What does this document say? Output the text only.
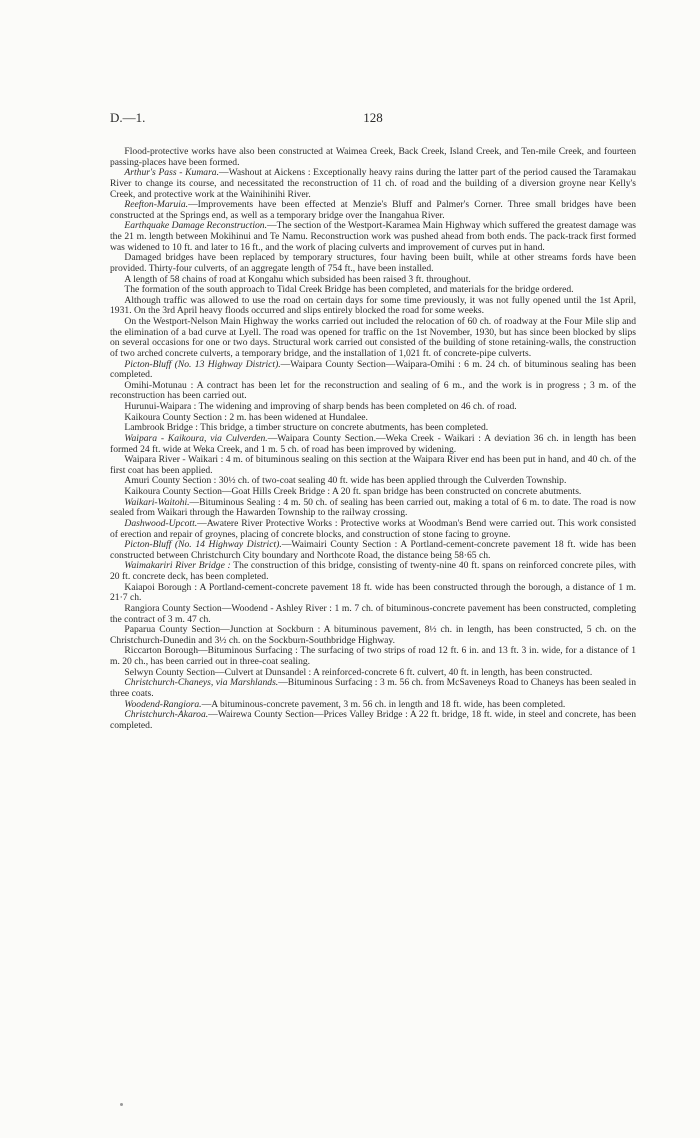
D.—1.	128

Flood-protective works have also been constructed at Waimea Creek, Back Creek, Island Creek, and Ten-mile Creek, and fourteen passing-places have been formed.

Arthur's Pass - Kumara.—Washout at Aickens : Exceptionally heavy rains during the latter part of the period caused the Taramakau River to change its course, and necessitated the reconstruction of 11 ch. of road and the building of a diversion groyne near Kelly's Creek, and protective work at the Wainihinihi River.

Reefton-Maruia.—Improvements have been effected at Menzie's Bluff and Palmer's Corner. Three small bridges have been constructed at the Springs end, as well as a temporary bridge over the Inangahua River.

Earthquake Damage Reconstruction.—The section of the Westport-Karamea Main Highway which suffered the greatest damage was the 21 m. length between Mokihinui and Te Namu. Reconstruction work was pushed ahead from both ends. The pack-track first formed was widened to 10 ft. and later to 16 ft., and the work of placing culverts and improvement of curves put in hand.

Damaged bridges have been replaced by temporary structures, four having been built, while at other streams fords have been provided. Thirty-four culverts, of an aggregate length of 754 ft., have been installed.

A length of 58 chains of road at Kongahu which subsided has been raised 3 ft. throughout.

The formation of the south approach to Tidal Creek Bridge has been completed, and materials for the bridge ordered.

Although traffic was allowed to use the road on certain days for some time previously, it was not fully opened until the 1st April, 1931. On the 3rd April heavy floods occurred and slips entirely blocked the road for some weeks.

On the Westport-Nelson Main Highway the works carried out included the relocation of 60 ch. of roadway at the Four Mile slip and the elimination of a bad curve at Lyell. The road was opened for traffic on the 1st November, 1930, but has since been blocked by slips on several occasions for one or two days. Structural work carried out consisted of the building of stone retaining-walls, the construction of two arched concrete culverts, a temporary bridge, and the installation of 1,021 ft. of concrete-pipe culverts.

Picton-Bluff (No. 13 Highway District).—Waipara County Section—Waipara-Omihi : 6 m. 24 ch. of bituminous sealing has been completed.

Omihi-Motunau : A contract has been let for the reconstruction and sealing of 6 m., and the work is in progress ; 3 m. of the reconstruction has been carried out.

Hurunui-Waipara : The widening and improving of sharp bends has been completed on 46 ch. of road.

Kaikoura County Section : 2 m. has been widened at Hundalee.

Lambrook Bridge : This bridge, a timber structure on concrete abutments, has been completed.

Waipara - Kaikoura, via Culverden.—Waipara County Section.—Weka Creek - Waikari : A deviation 36 ch. in length has been formed 24 ft. wide at Weka Creek, and 1 m. 5 ch. of road has been improved by widening.

Waipara River - Waikari : 4 m. of bituminous sealing on this section at the Waipara River end has been put in hand, and 40 ch. of the first coat has been applied.

Amuri County Section : 30½ ch. of two-coat sealing 40 ft. wide has been applied through the Culverden Township.

Kaikoura County Section—Goat Hills Creek Bridge : A 20 ft. span bridge has been constructed on concrete abutments.

Waikari-Waitohi.—Bituminous Sealing : 4 m. 50 ch. of sealing has been carried out, making a total of 6 m. to date. The road is now sealed from Waikari through the Hawarden Township to the railway crossing.

Dashwood-Upcott.—Awatere River Protective Works : Protective works at Woodman's Bend were carried out. This work consisted of erection and repair of groynes, placing of concrete blocks, and construction of stone facing to groyne.

Picton-Bluff (No. 14 Highway District).—Waimairi County Section : A Portland-cement-concrete pavement 18 ft. wide has been constructed between Christchurch City boundary and Northcote Road, the distance being 58·65 ch.

Waimakariri River Bridge : The construction of this bridge, consisting of twenty-nine 40 ft. spans on reinforced concrete piles, with 20 ft. concrete deck, has been completed.

Kaiapoi Borough : A Portland-cement-concrete pavement 18 ft. wide has been constructed through the borough, a distance of 1 m. 21·7 ch.

Rangiora County Section—Woodend - Ashley River : 1 m. 7 ch. of bituminous-concrete pavement has been constructed, completing the contract of 3 m. 47 ch.

Paparua County Section—Junction at Sockburn : A bituminous pavement, 8½ ch. in length, has been constructed, 5 ch. on the Christchurch-Dunedin and 3½ ch. on the Sockburn-Southbridge Highway.

Riccarton Borough—Bituminous Surfacing : The surfacing of two strips of road 12 ft. 6 in. and 13 ft. 3 in. wide, for a distance of 1 m. 20 ch., has been carried out in three-coat sealing.

Selwyn County Section—Culvert at Dunsandel : A reinforced-concrete 6 ft. culvert, 40 ft. in length, has been constructed.

Christchurch-Chaneys, via Marshlands.—Bituminous Surfacing : 3 m. 56 ch. from McSaveneys Road to Chaneys has been sealed in three coats.

Woodend-Rangiora.—A bituminous-concrete pavement, 3 m. 56 ch. in length and 18 ft. wide, has been completed.

Christchurch-Akaroa.—Wairewa County Section—Prices Valley Bridge : A 22 ft. bridge, 18 ft. wide, in steel and concrete, has been completed.
